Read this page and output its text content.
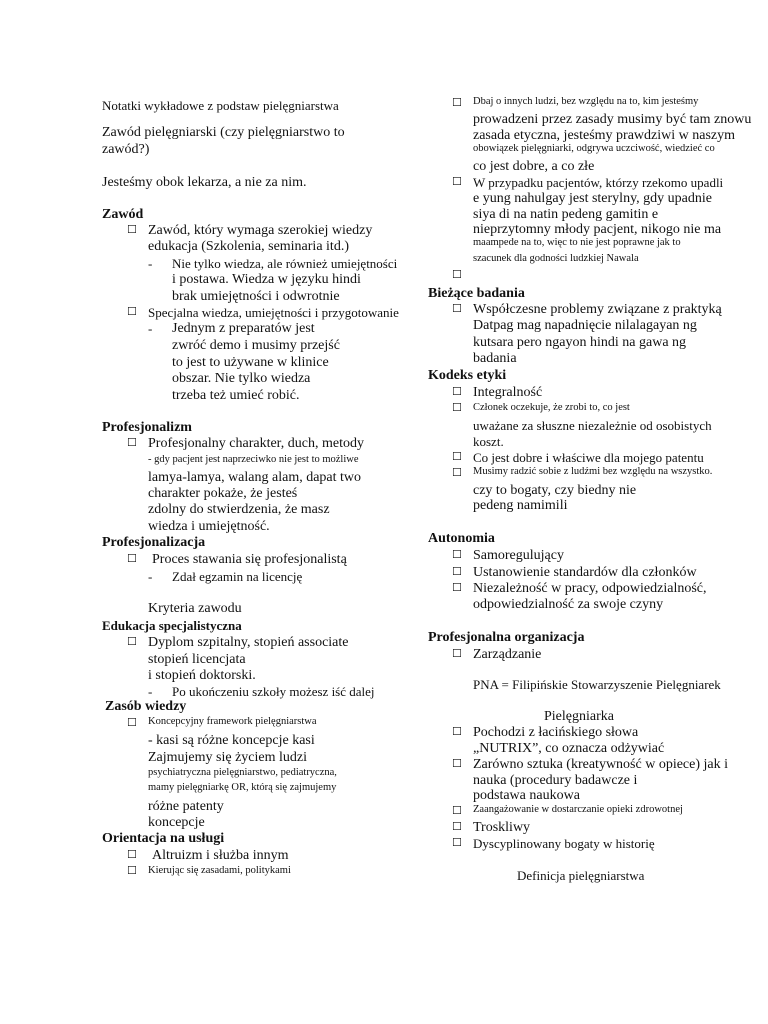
Notatki wykładowe z podstaw pielęgniarstwa
Zawód pielęgniarski (czy pielęgniarstwo to
zawód?)
Jesteśmy obok lekarza, a nie za nim.
Zawód
☐ Zawód, który wymaga szerokiej wiedzy
edukacja (Szkolenia, seminaria itd.)
- Nie tylko wiedza, ale również umiejętności
i postawa. Wiedza w języku hindi
brak umiejętności i odwrotnie
☐ Specjalna wiedza, umiejętności i przygotowanie
- Jednym z preparatów jest
zwróć demo i musimy przejść
to jest to używane w klinice
obszar. Nie tylko wiedza
trzeba też umieć robić.
Profesjonalizm
☐ Profesjonalny charakter, duch, metody
- gdy pacjent jest naprzeciwko nie jest to możliwe
lamya-lamya, walang alam, dapat two
charakter pokaże, że jesteś
zdolny do stwierdzenia, że masz
wiedza i umiejętność.
Profesjonalizacja
☐ Proces stawania się profesjonalistą
- Zdał egzamin na licencję
Kryteria zawodu
Edukacja specjalistyczna
☐ Dyplom szpitalny, stopień associate
stopień licencjata
i stopień doktorski.
- Po ukończeniu szkoły możesz iść dalej
Zasób wiedzy
☐ Koncepcyjny framework pielęgniarstwa
- kasi są różne koncepcje kasi
Zajmujemy się życiem ludzi
psychiatryczna pielęgniarstwo, pediatryczna,
mamy pielęgniarkę OR, którą się zajmujemy
różne patenty
koncepcje
Orientacja na usługi
☐ Altruizm i służba innym
☐ Kierując się zasadami, politykami
☐ Dbaj o innych ludzi, bez względu na to, kim jesteśmy
prowadzeni przez zasady musimy być tam znowu
zasada etyczna, jesteśmy prawdziwi w naszym
obowiązek pielęgniarki, odgrywa uczciwość, wiedzieć co
co jest dobre, a co złe
☐ W przypadku pacjentów, którzy rzekomo upadli
e yung nahulgay jest sterylny, gdy upadnie
siya di na natin pedeng gamitin e
nieprzytomny młody pacjent, nikogo nie ma
maampede na to, więc to nie jest poprawne jak to
szacunek dla godności ludzkiej Nawala
☐
Bieżące badania
☐ Współczesne problemy związane z praktyką
Datpag mag napadnięcie nilalagayan ng
kutsara pero ngayon hindi na gawa ng
badania
Kodeks etyki
☐ Integralność
☐ Członek oczekuje, że zrobi to, co jest
uważane za słuszne niezależnie od osobistych
koszt.
☐ Co jest dobre i właściwe dla mojego patentu
☐ Musimy radzić sobie z ludźmi bez względu na wszystko.
czy to bogaty, czy biedny nie
pedeng namimili
Autonomia
☐ Samoregulujący
☐ Ustanowienie standardów dla członków
☐ Niezależność w pracy, odpowiedzialność,
odpowiedzialność za swoje czyny
Profesjonalna organizacja
☐ Zarządzanie
PNA = Filipińskie Stowarzyszenie Pielęgniarek
Pielęgniarka
☐ Pochodzi z łacińskiego słowa
„NUTRIX”, co oznacza odżywiać
☐ Zarówno sztuka (kreatywność w opiece) jak i
nauka (procedury badawcze i
podstawa naukowa
☐ Zaangażowanie w dostarczanie opieki zdrowotnej
☐ Troskliwy
☐ Dyscyplinowany bogaty w historię
Definicja pielęgniarstwa
